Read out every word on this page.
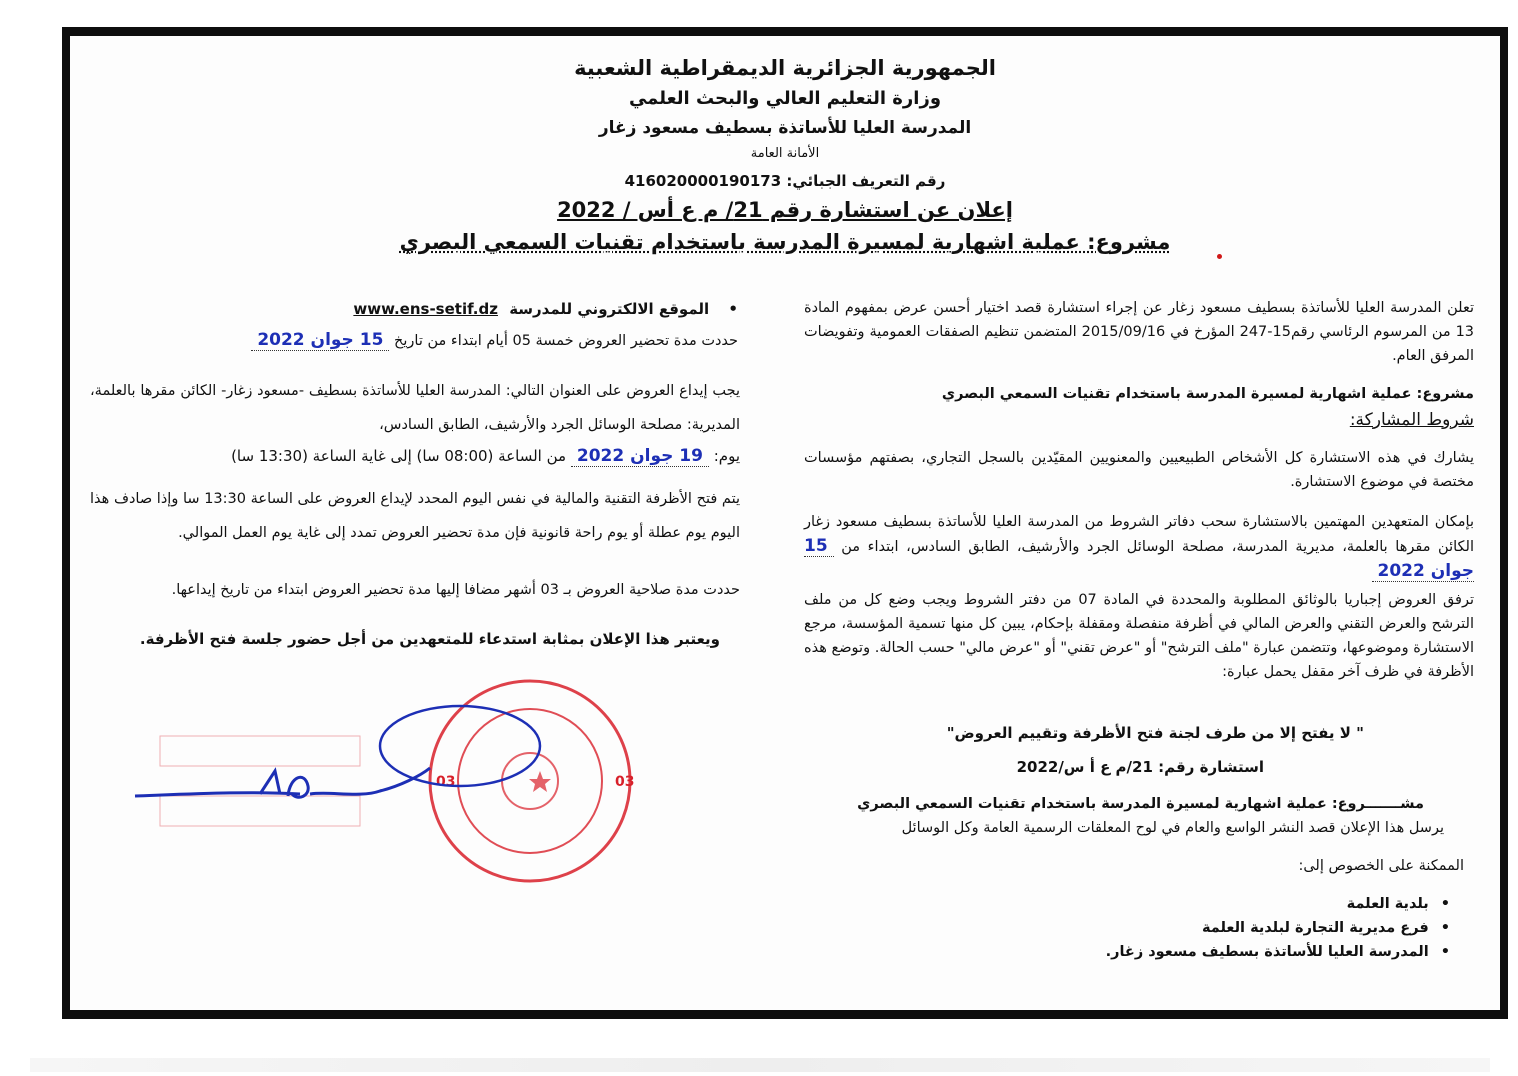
الجمهورية الجزائرية الديمقراطية الشعبية
وزارة التعليم العالي والبحث العلمي
المدرسة العليا للأساتذة بسطيف مسعود زغار
الأمانة العامة
رقم التعريف الجبائي: 416020000190173
إعلان عن استشارة رقم 21/ م ع أس / 2022
مشروع: عملية اشهارية لمسيرة المدرسة باستخدام تقنيات السمعي البصري
تعلن المدرسة العليا للأساتذة بسطيف مسعود زغار عن إجراء استشارة قصد اختيار أحسن عرض بمفهوم المادة 13 من المرسوم الرئاسي رقم15-247 المؤرخ في 2015/09/16 المتضمن تنظيم الصفقات العمومية وتفويضات المرفق العام.
مشروع: عملية اشهارية لمسيرة المدرسة باستخدام تقنيات السمعي البصري
شروط المشاركة:
يشارك في هذه الاستشارة كل الأشخاص الطبيعيين والمعنويين المقيّدين بالسجل التجاري، بصفتهم مؤسسات مختصة في موضوع الاستشارة.
بإمكان المتعهدين المهتمين بالاستشارة سحب دفاتر الشروط من المدرسة العليا للأساتذة بسطيف مسعود زغار الكائن مقرها بالعلمة، مديرية المدرسة، مصلحة الوسائل الجرد والأرشيف، الطابق السادس، ابتداء من 15 جوان 2022
ترفق العروض إجباريا بالوثائق المطلوبة والمحددة في المادة 07 من دفتر الشروط ويجب وضع كل من ملف الترشح والعرض التقني والعرض المالي في أظرفة منفصلة ومقفلة بإحكام، يبين كل منها تسمية المؤسسة، مرجع الاستشارة وموضوعها، وتتضمن عبارة "ملف الترشح" أو "عرض تقني" أو "عرض مالي" حسب الحالة. وتوضع هذه الأظرفة في ظرف آخر مقفل يحمل عبارة:
" لا يفتح إلا من طرف لجنة فتح الأظرفة وتقييم العروض"
استشارة رقم: 21/م ع أ س/2022
مشـــــــروع: عملية اشهارية لمسيرة المدرسة باستخدام تقنيات السمعي البصري
يرسل هذا الإعلان قصد النشر الواسع والعام في لوح المعلقات الرسمية العامة وكل الوسائل
الممكنة على الخصوص إلى:
•بلدية العلمة
•فرع مديرية التجارة لبلدية العلمة
•المدرسة العليا للأساتذة بسطيف مسعود زغار.
• الموقع الالكتروني للمدرسة www.ens-setif.dz
حددت مدة تحضير العروض خمسة 05 أيام ابتداء من تاريخ 15 جوان 2022
يجب إيداع العروض على العنوان التالي: المدرسة العليا للأساتذة بسطيف -مسعود زغار- الكائن مقرها بالعلمة، المديرية: مصلحة الوسائل الجرد والأرشيف، الطابق السادس،
يوم: 19 جوان 2022 من الساعة (08:00 سا) إلى غاية الساعة (13:30 سا)
يتم فتح الأظرفة التقنية والمالية في نفس اليوم المحدد لإيداع العروض على الساعة 13:30 سا وإذا صادف هذا اليوم يوم عطلة أو يوم راحة قانونية فإن مدة تحضير العروض تمدد إلى غاية يوم العمل الموالي.
حددت مدة صلاحية العروض بـ 03 أشهر مضافا إليها مدة تحضير العروض ابتداء من تاريخ إيداعها.
ويعتبر هذا الإعلان بمثابة استدعاء للمتعهدين من أجل حضور جلسة فتح الأظرفة.
03
03
